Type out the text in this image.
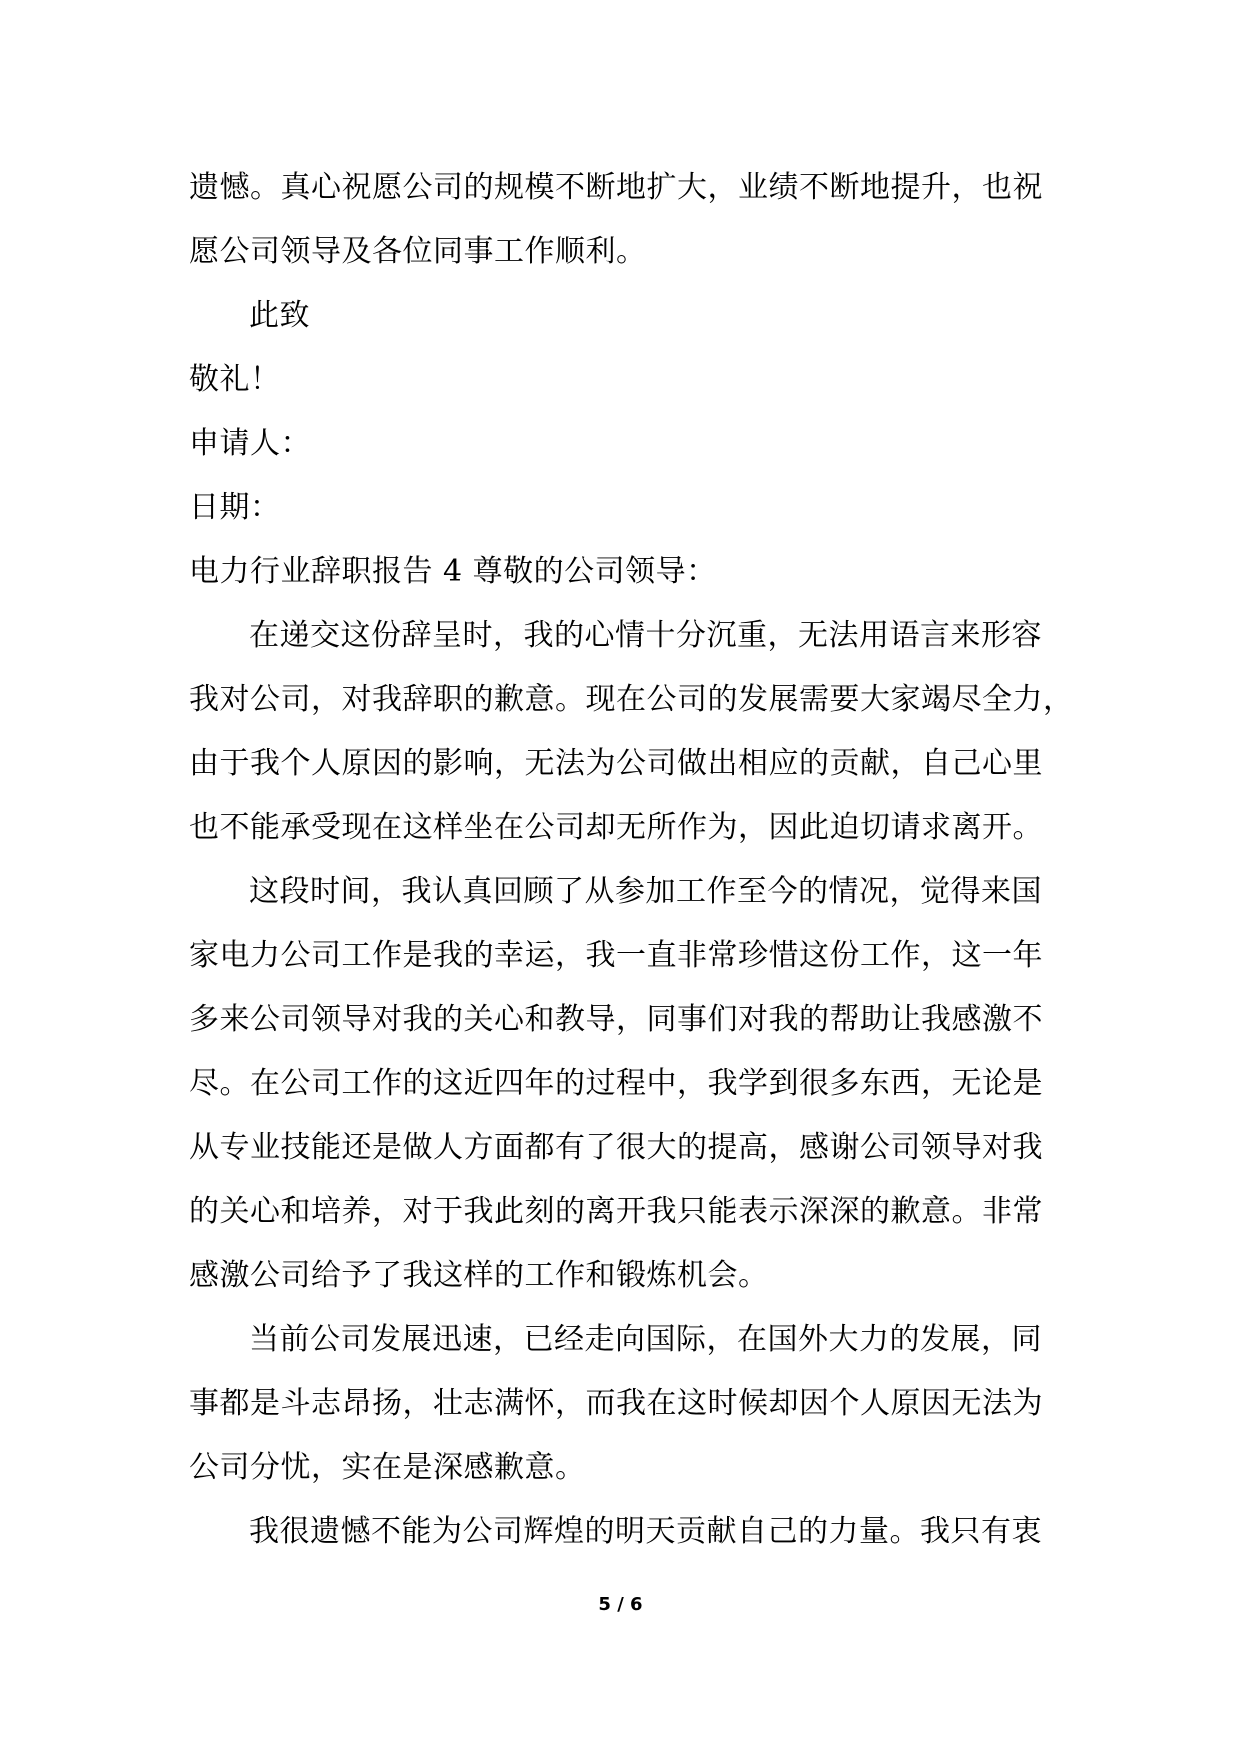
遗憾。真心祝愿公司的规模不断地扩大，业绩不断地提升，也祝
愿公司领导及各位同事工作顺利。
此致
敬礼！
申请人：
日期：
电力行业辞职报告 4 尊敬的公司领导：
在递交这份辞呈时，我的心情十分沉重，无法用语言来形容
我对公司，对我辞职的歉意。现在公司的发展需要大家竭尽全力，
由于我个人原因的影响，无法为公司做出相应的贡献，自己心里
也不能承受现在这样坐在公司却无所作为，因此迫切请求离开。
这段时间，我认真回顾了从参加工作至今的情况，觉得来国
家电力公司工作是我的幸运，我一直非常珍惜这份工作，这一年
多来公司领导对我的关心和教导，同事们对我的帮助让我感激不
尽。在公司工作的这近四年的过程中，我学到很多东西，无论是
从专业技能还是做人方面都有了很大的提高，感谢公司领导对我
的关心和培养，对于我此刻的离开我只能表示深深的歉意。非常
感激公司给予了我这样的工作和锻炼机会。
当前公司发展迅速，已经走向国际，在国外大力的发展，同
事都是斗志昂扬，壮志满怀，而我在这时候却因个人原因无法为
公司分忧，实在是深感歉意。
我很遗憾不能为公司辉煌的明天贡献自己的力量。我只有衷
5 / 6
